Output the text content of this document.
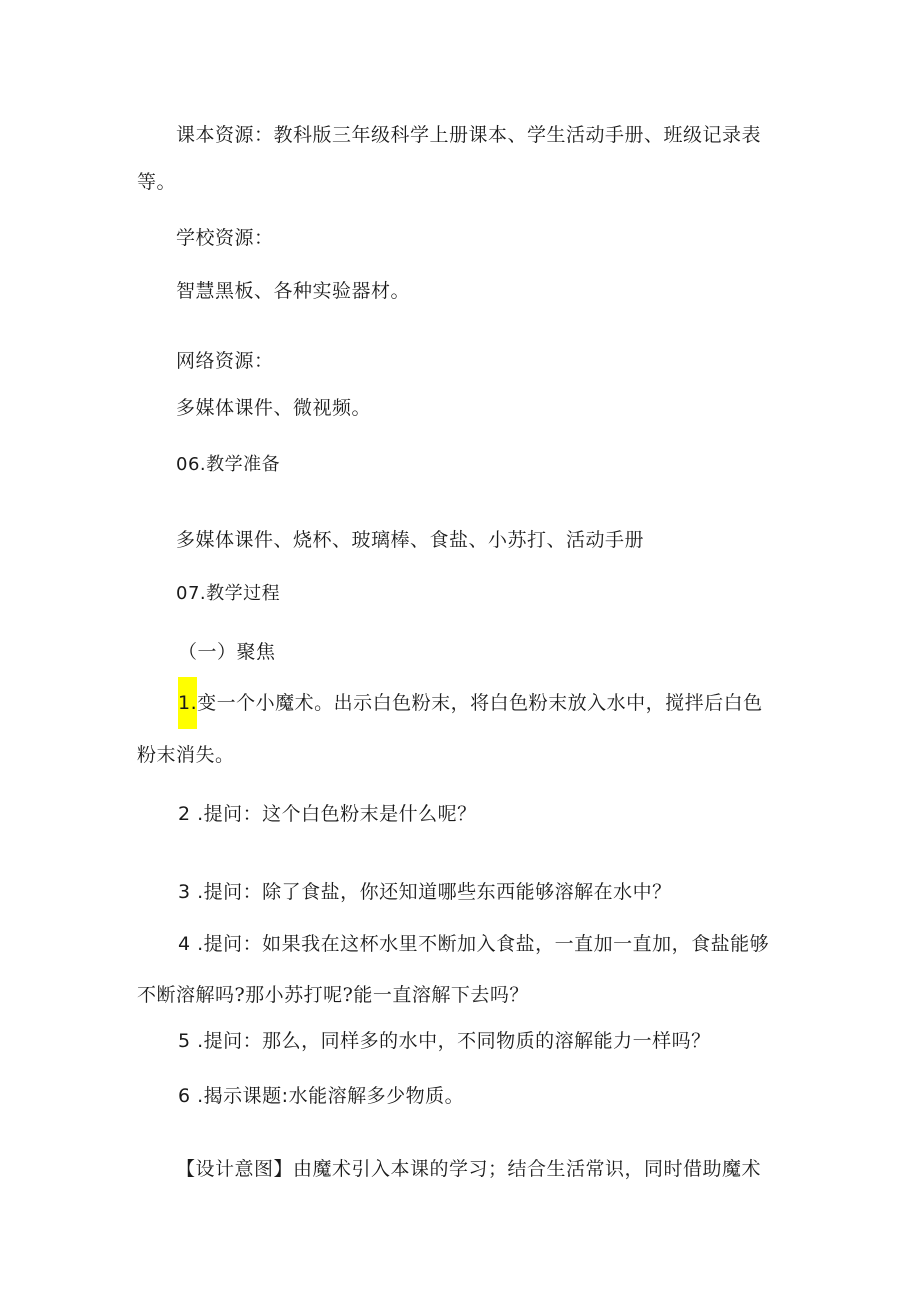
课本资源：教科版三年级科学上册课本、学生活动手册、班级记录表
等。
学校资源：
智慧黑板、各种实验器材。
网络资源：
多媒体课件、微视频。
06.教学准备
多媒体课件、烧杯、玻璃棒、食盐、小苏打、活动手册
07.教学过程
（一）聚焦
1.变一个小魔术。出示白色粉末，将白色粉末放入水中，搅拌后白色
粉末消失。
2 .提问：这个白色粉末是什么呢？
3 .提问：除了食盐，你还知道哪些东西能够溶解在水中？
4 .提问：如果我在这杯水里不断加入食盐，一直加一直加，食盐能够
不断溶解吗?那小苏打呢?能一直溶解下去吗？
5 .提问：那么，同样多的水中，不同物质的溶解能力一样吗？
6 .揭示课题:水能溶解多少物质。
【设计意图】由魔术引入本课的学习；结合生活常识，同时借助魔术
